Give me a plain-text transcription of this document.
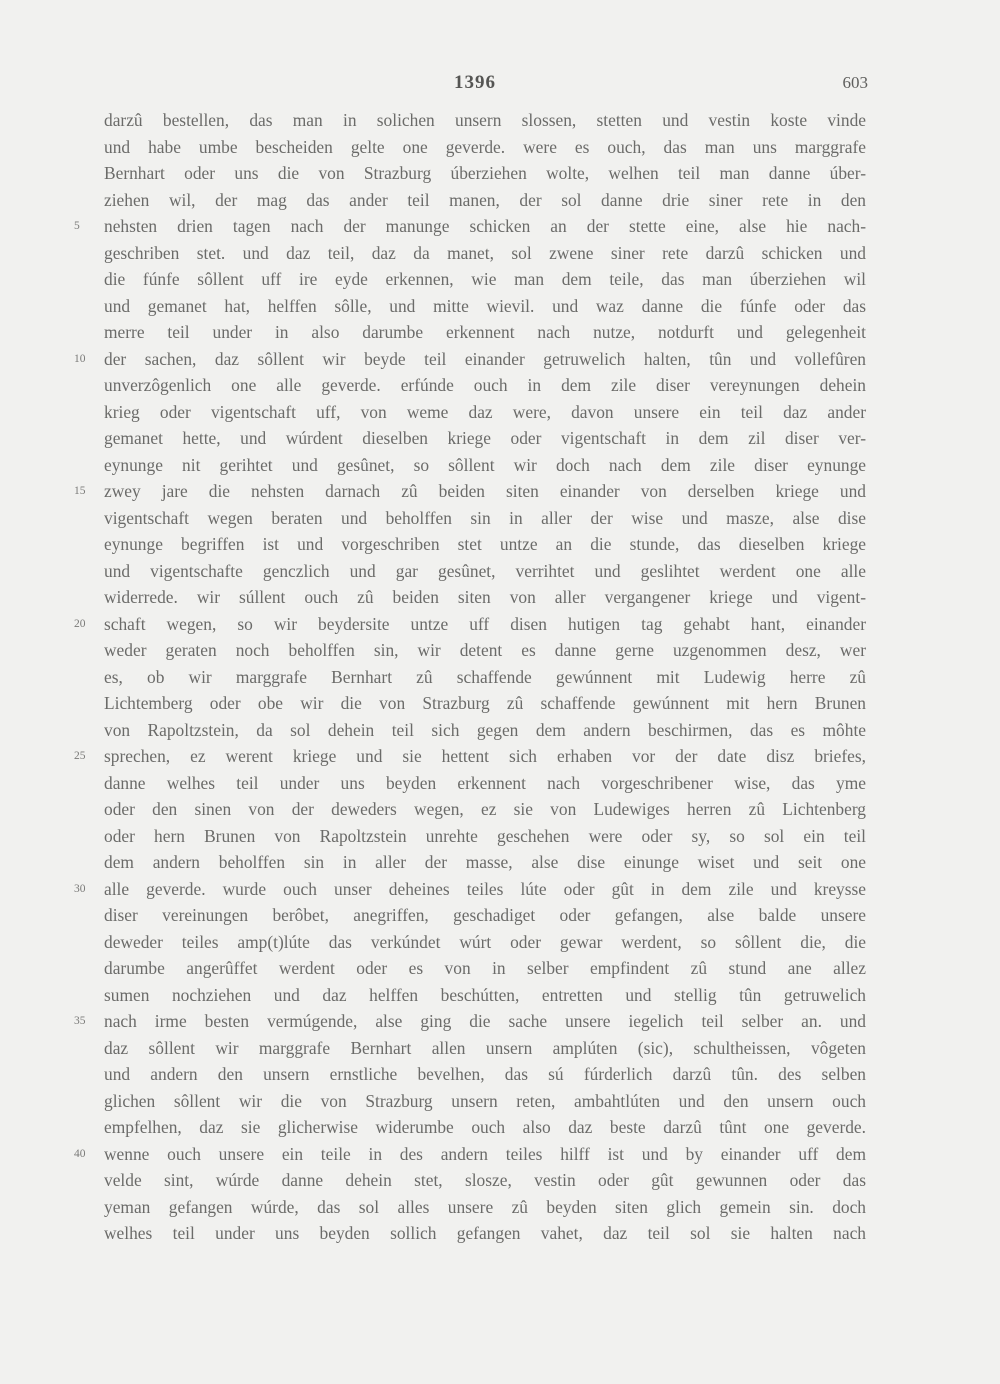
1396	603
darzû bestellen, das man in solichen unsern slossen, stetten und vestin koste vinde
und habe umbe bescheiden gelte one geverde. were es ouch, das man uns marggrafe
Bernhart oder uns die von Strazburg úberziehen wolte, welhen teil man danne úber-
ziehen wil, der mag das ander teil manen, der sol danne drie siner rete in den
5	nehsten drien tagen nach der manunge schicken an der stette eine, alse hie nach-
geschriben stet. und daz teil, daz da manet, sol zwene siner rete darzû schicken und
die fúnfe sôllent uff ire eyde erkennen, wie man dem teile, das man úberziehen wil
und gemanet hat, helffen sôlle, und mitte wievil. und waz danne die fúnfe oder das
merre teil under in also darumbe erkennent nach nutze, notdurft und gelegenheit
10	der sachen, daz sôllent wir beyde teil einander getruwelich halten, tûn und vollefûren
unverzôgenlich one alle geverde. erfúnde ouch in dem zile diser vereynungen dehein
krieg oder vigentschaft uff, von weme daz were, davon unsere ein teil daz ander
gemanet hette, und wúrdent dieselben kriege oder vigentschaft in dem zil diser ver-
eynunge nit gerihtet und gesûnet, so sôllent wir doch nach dem zile diser eynunge
15	zwey jare die nehsten darnach zû beiden siten einander von derselben kriege und
vigentschaft wegen beraten und beholffen sin in aller der wise und masze, alse dise
eynunge begriffen ist und vorgeschriben stet untze an die stunde, das dieselben kriege
und vigentschafte genczlich und gar gesûnet, verrihtet und geslihtet werdent one alle
widerrede. wir súllent ouch zû beiden siten von aller vergangener kriege und vigent-
20	schaft wegen, so wir beydersite untze uff disen hutigen tag gehabt hant, einander
weder geraten noch beholffen sin, wir detent es danne gerne uzgenommen desz, wer
es, ob wir marggrafe Bernhart zû schaffende gewúnnent mit Ludewig herre zû
Lichtemberg oder obe wir die von Strazburg zû schaffende gewúnnent mit hern Brunen
von Rapoltzstein, da sol dehein teil sich gegen dem andern beschirmen, das es môhte
25	sprechen, ez werent kriege und sie hettent sich erhaben vor der date disz briefes,
danne welhes teil under uns beyden erkennent nach vorgeschribener wise, das yme
oder den sinen von der deweders wegen, ez sie von Ludewiges herren zû Lichtenberg
oder hern Brunen von Rapoltzstein unrehte geschehen were oder sy, so sol ein teil
dem andern beholffen sin in aller der masse, alse dise einunge wiset und seit one
30	alle geverde. wurde ouch unser deheines teiles lúte oder gût in dem zile und kreysse
diser vereinungen berôbet, anegriffen, geschadiget oder gefangen, alse balde unsere
deweder teiles amp(t)lúte das verkúndet wúrt oder gewar werdent, so sôllent die, die
darumbe angerûffet werdent oder es von in selber empfindent zû stund ane allez
sumen nochziehen und daz helffen beschútten, entretten und stellig tûn getruwelich
35	nach irme besten vermúgende, alse ging die sache unsere iegelich teil selber an. und
daz sôllent wir marggrafe Bernhart allen unsern amplúten (sic), schultheissen, vôgeten
und andern den unsern ernstliche bevelhen, das sú fúrderlich darzû tûn. des selben
glichen sôllent wir die von Strazburg unsern reten, ambahtlúten und den unsern ouch
empfelhen, daz sie glicherwise widerumbe ouch also daz beste darzû tûnt one geverde.
40	wenne ouch unsere ein teile in des andern teiles hilff ist und by einander uff dem
velde sint, wúrde danne dehein stet, slosze, vestin oder gût gewunnen oder das
yeman gefangen wúrde, das sol alles unsere zû beyden siten glich gemein sin. doch
welhes teil under uns beyden sollich gefangen vahet, daz teil sol sie halten nach
